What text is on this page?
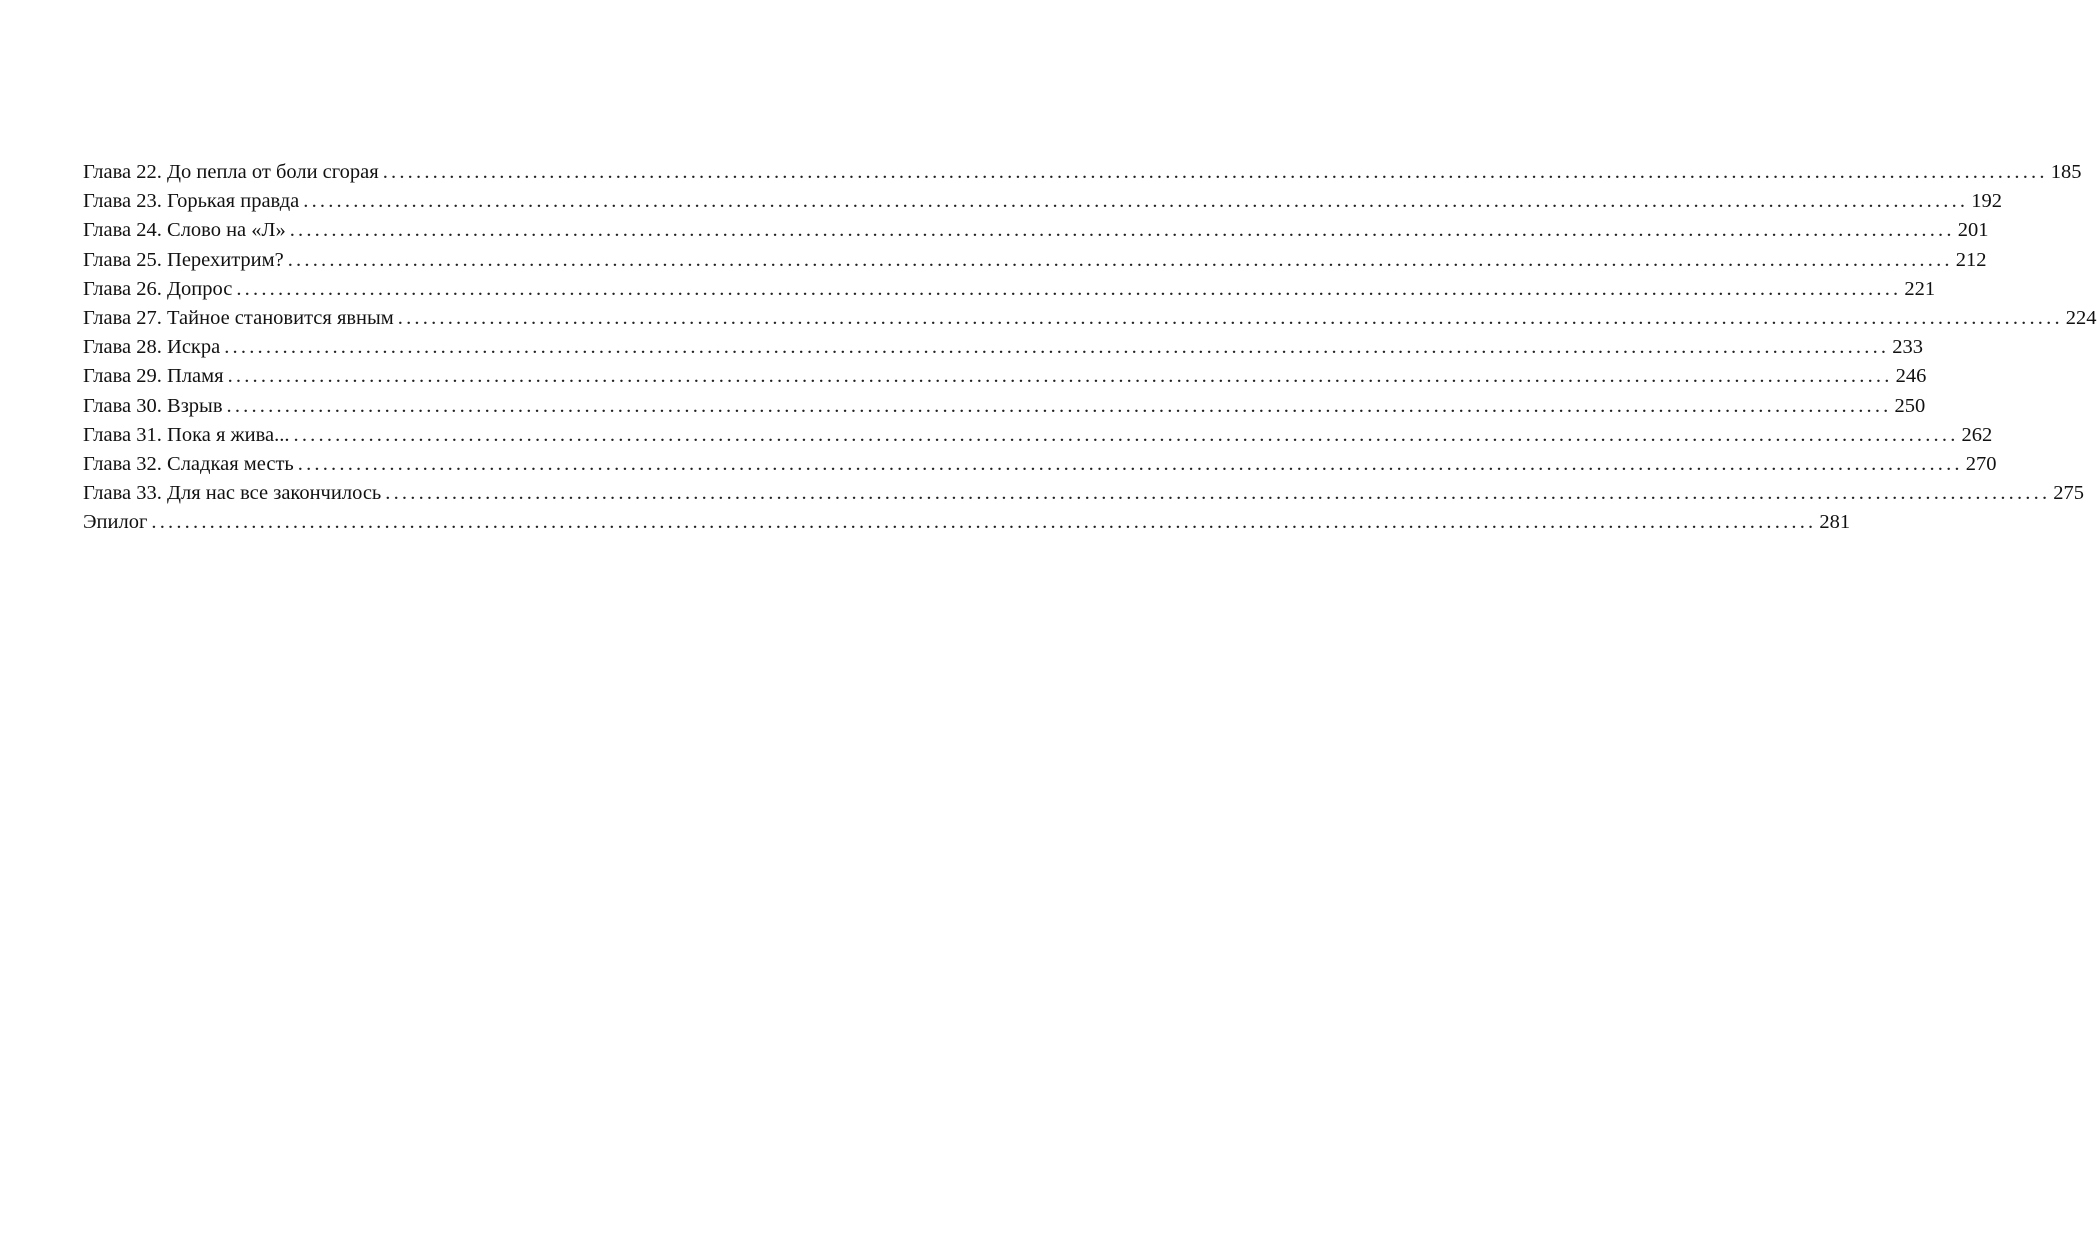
Глава 22. До пепла от боли сгорая ........................................................................................................................................................................................................ 185
Глава 23. Горькая правда ........................................................................................................................................................................................................ 192
Глава 24. Слово на «Л» ........................................................................................................................................................................................................ 201
Глава 25. Перехитрим? ........................................................................................................................................................................................................ 212
Глава 26. Допрос ........................................................................................................................................................................................................ 221
Глава 27. Тайное становится явным ........................................................................................................................................................................................................ 224
Глава 28. Искра ........................................................................................................................................................................................................ 233
Глава 29. Пламя ........................................................................................................................................................................................................ 246
Глава 30. Взрыв ........................................................................................................................................................................................................ 250
Глава 31. Пока я жива... ........................................................................................................................................................................................................ 262
Глава 32. Сладкая месть ........................................................................................................................................................................................................ 270
Глава 33. Для нас все закончилось ........................................................................................................................................................................................................ 275
Эпилог ........................................................................................................................................................................................................ 281
